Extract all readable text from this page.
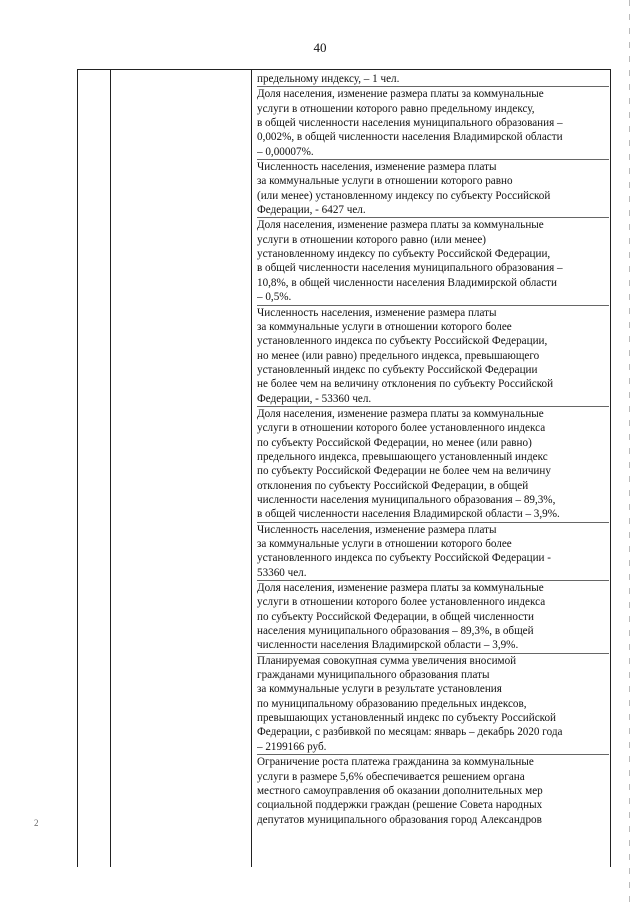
40
предельному индексу, – 1 чел.
Доля населения, изменение размера платы за коммунальные
услуги в отношении которого равно предельному индексу,
в общей численности населения муниципального образования –
0,002%, в общей численности населения Владимирской области
– 0,00007%.
Численность населения, изменение размера платы
за коммунальные услуги в отношении которого равно
(или менее) установленному индексу по субъекту Российской
Федерации, - 6427 чел.
Доля населения, изменение размера платы за коммунальные
услуги в отношении которого равно (или менее)
установленному индексу по субъекту Российской Федерации,
в общей численности населения муниципального образования –
10,8%, в общей численности населения Владимирской области
– 0,5%.
Численность населения, изменение размера платы
за коммунальные услуги в отношении которого более
установленного индекса по субъекту Российской Федерации,
но менее (или равно) предельного индекса, превышающего
установленный индекс по субъекту Российской Федерации
не более чем на величину отклонения по субъекту Российской
Федерации, - 53360 чел.
Доля населения, изменение размера платы за коммунальные
услуги в отношении которого более установленного индекса
по субъекту Российской Федерации, но менее (или равно)
предельного индекса, превышающего установленный индекс
по субъекту Российской Федерации не более чем на величину
отклонения по субъекту Российской Федерации, в общей
численности населения муниципального образования – 89,3%,
в общей численности населения Владимирской области – 3,9%.
Численность населения, изменение размера платы
за коммунальные услуги в отношении которого более
установленного индекса по субъекту Российской Федерации -
53360 чел.
Доля населения, изменение размера платы за коммунальные
услуги в отношении которого более установленного индекса
по субъекту Российской Федерации, в общей численности
населения муниципального образования – 89,3%, в общей
численности населения Владимирской области – 3,9%.
Планируемая совокупная сумма увеличения вносимой
гражданами муниципального образования платы
за коммунальные услуги в результате установления
по муниципальному образованию предельных индексов,
превышающих установленный индекс по субъекту Российской
Федерации, с разбивкой по месяцам: январь – декабрь 2020 года
– 2199166 руб.
Ограничение роста платежа гражданина за коммунальные
услуги в размере 5,6% обеспечивается решением органа
местного самоуправления об оказании дополнительных мер
социальной поддержки граждан (решение Совета народных
депутатов муниципального образования город Александров
2
